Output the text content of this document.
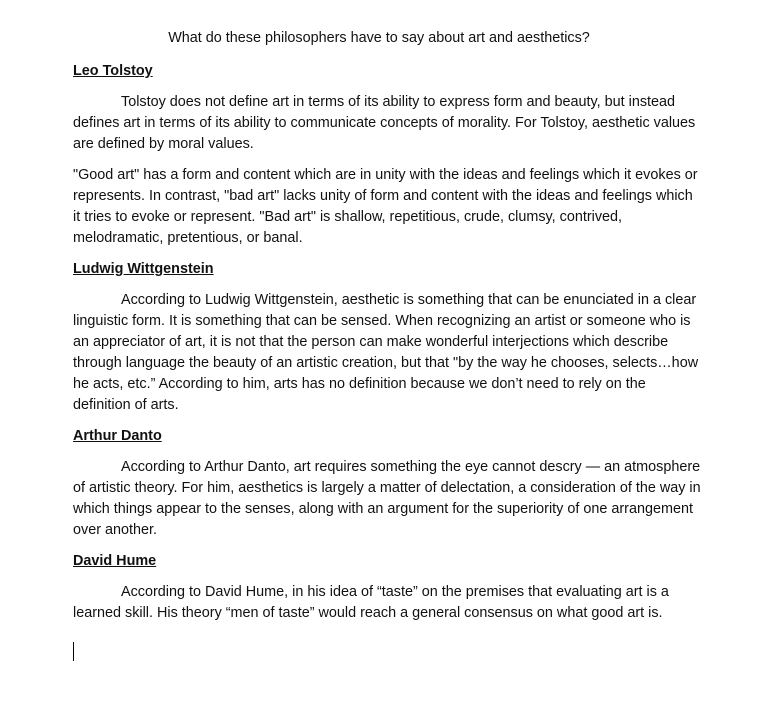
What do these philosophers have to say about art and aesthetics?

Leo Tolstoy

Tolstoy does not define art in terms of its ability to express form and beauty, but instead defines art in terms of its ability to communicate concepts of morality. For Tolstoy, aesthetic values are defined by moral values.

"Good art" has a form and content which are in unity with the ideas and feelings which it evokes or represents. In contrast, "bad art" lacks unity of form and content with the ideas and feelings which it tries to evoke or represent. "Bad art" is shallow, repetitious, crude, clumsy, contrived, melodramatic, pretentious, or banal.

Ludwig Wittgenstein

According to Ludwig Wittgenstein, aesthetic is something that can be enunciated in a clear linguistic form. It is something that can be sensed. When recognizing an artist or someone who is an appreciator of art, it is not that the person can make wonderful interjections which describe through language the beauty of an artistic creation, but that "by the way he chooses, selects…how he acts, etc.” According to him, arts has no definition because we don’t need to rely on the definition of arts.

Arthur Danto

According to Arthur Danto, art requires something the eye cannot descry — an atmosphere of artistic theory. For him, aesthetics is largely a matter of delectation, a consideration of the way in which things appear to the senses, along with an argument for the superiority of one arrangement over another.

David Hume

According to David Hume, in his idea of “taste” on the premises that evaluating art is a learned skill. His theory “men of taste” would reach a general consensus on what good art is.
